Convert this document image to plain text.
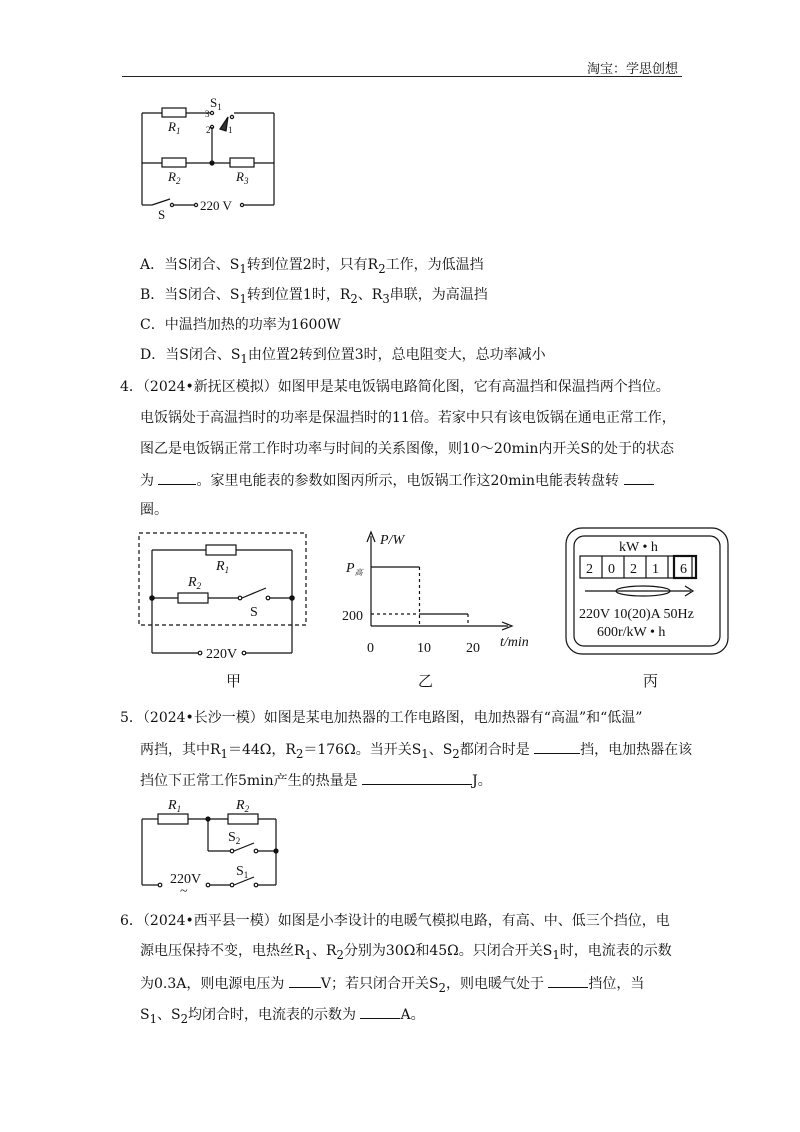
淘宝：学思创想
$R_1$
$R_2$	$R_3$
$S_1$
3
2 1
S
220 V
A．当S闭合、$S_1$转到位置2时，只有$R_2$工作，为低温挡
B．当S闭合、$S_1$转到位置1时，$R_2$、$R_3$串联，为高温挡
C．中温挡加热的功率为1600W
D．当S闭合、$S_1$由位置2转到位置3时，总电阻变大，总功率减小
4．（2024•新抚区模拟）如图甲是某电饭锅电路简化图，它有高温挡和保温挡两个挡位。
电饭锅处于高温挡时的功率是保温挡时的11倍。若家中只有该电饭锅在通电正常工作，
图乙是电饭锅正常工作时功率与时间的关系图像，则10～20min内开关S的处于的状态
为	。家里电能表的参数如图丙所示，电饭锅工作这20min电能表转盘转
圈。
$R_1$
$R_2$
S
220V
甲
P/W
$P_高$
200
0	10	20 t/min
乙
kW • h
2 0 2 1 6
220V 10(20)A 50Hz
600r/kW • h
丙
5．（2024•长沙一模）如图是某电加热器的工作电路图，电加热器有“高温”和“低温”
两挡，其中$R_1=44\Omega$，$R_2=176\Omega$。当开关$S_1$、$S_2$都闭合时是	挡，电加热器在该
挡位下正常工作5min产生的热量是	J。
$R_1$	$R_2$
$S_2$
$S_1$
220V
~
6．（2024•西平县一模）如图是小李设计的电暖气模拟电路，有高、中、低三个挡位，电
源电压保持不变，电热丝$R_1$、$R_2$分别为30Ω和45Ω。只闭合开关$S_1$时，电流表的示数
为0.3A，则电源电压为	V；若只闭合开关$S_2$，则电暖气处于	挡位，当
$S_1$、$S_2$均闭合时，电流表的示数为	A。
